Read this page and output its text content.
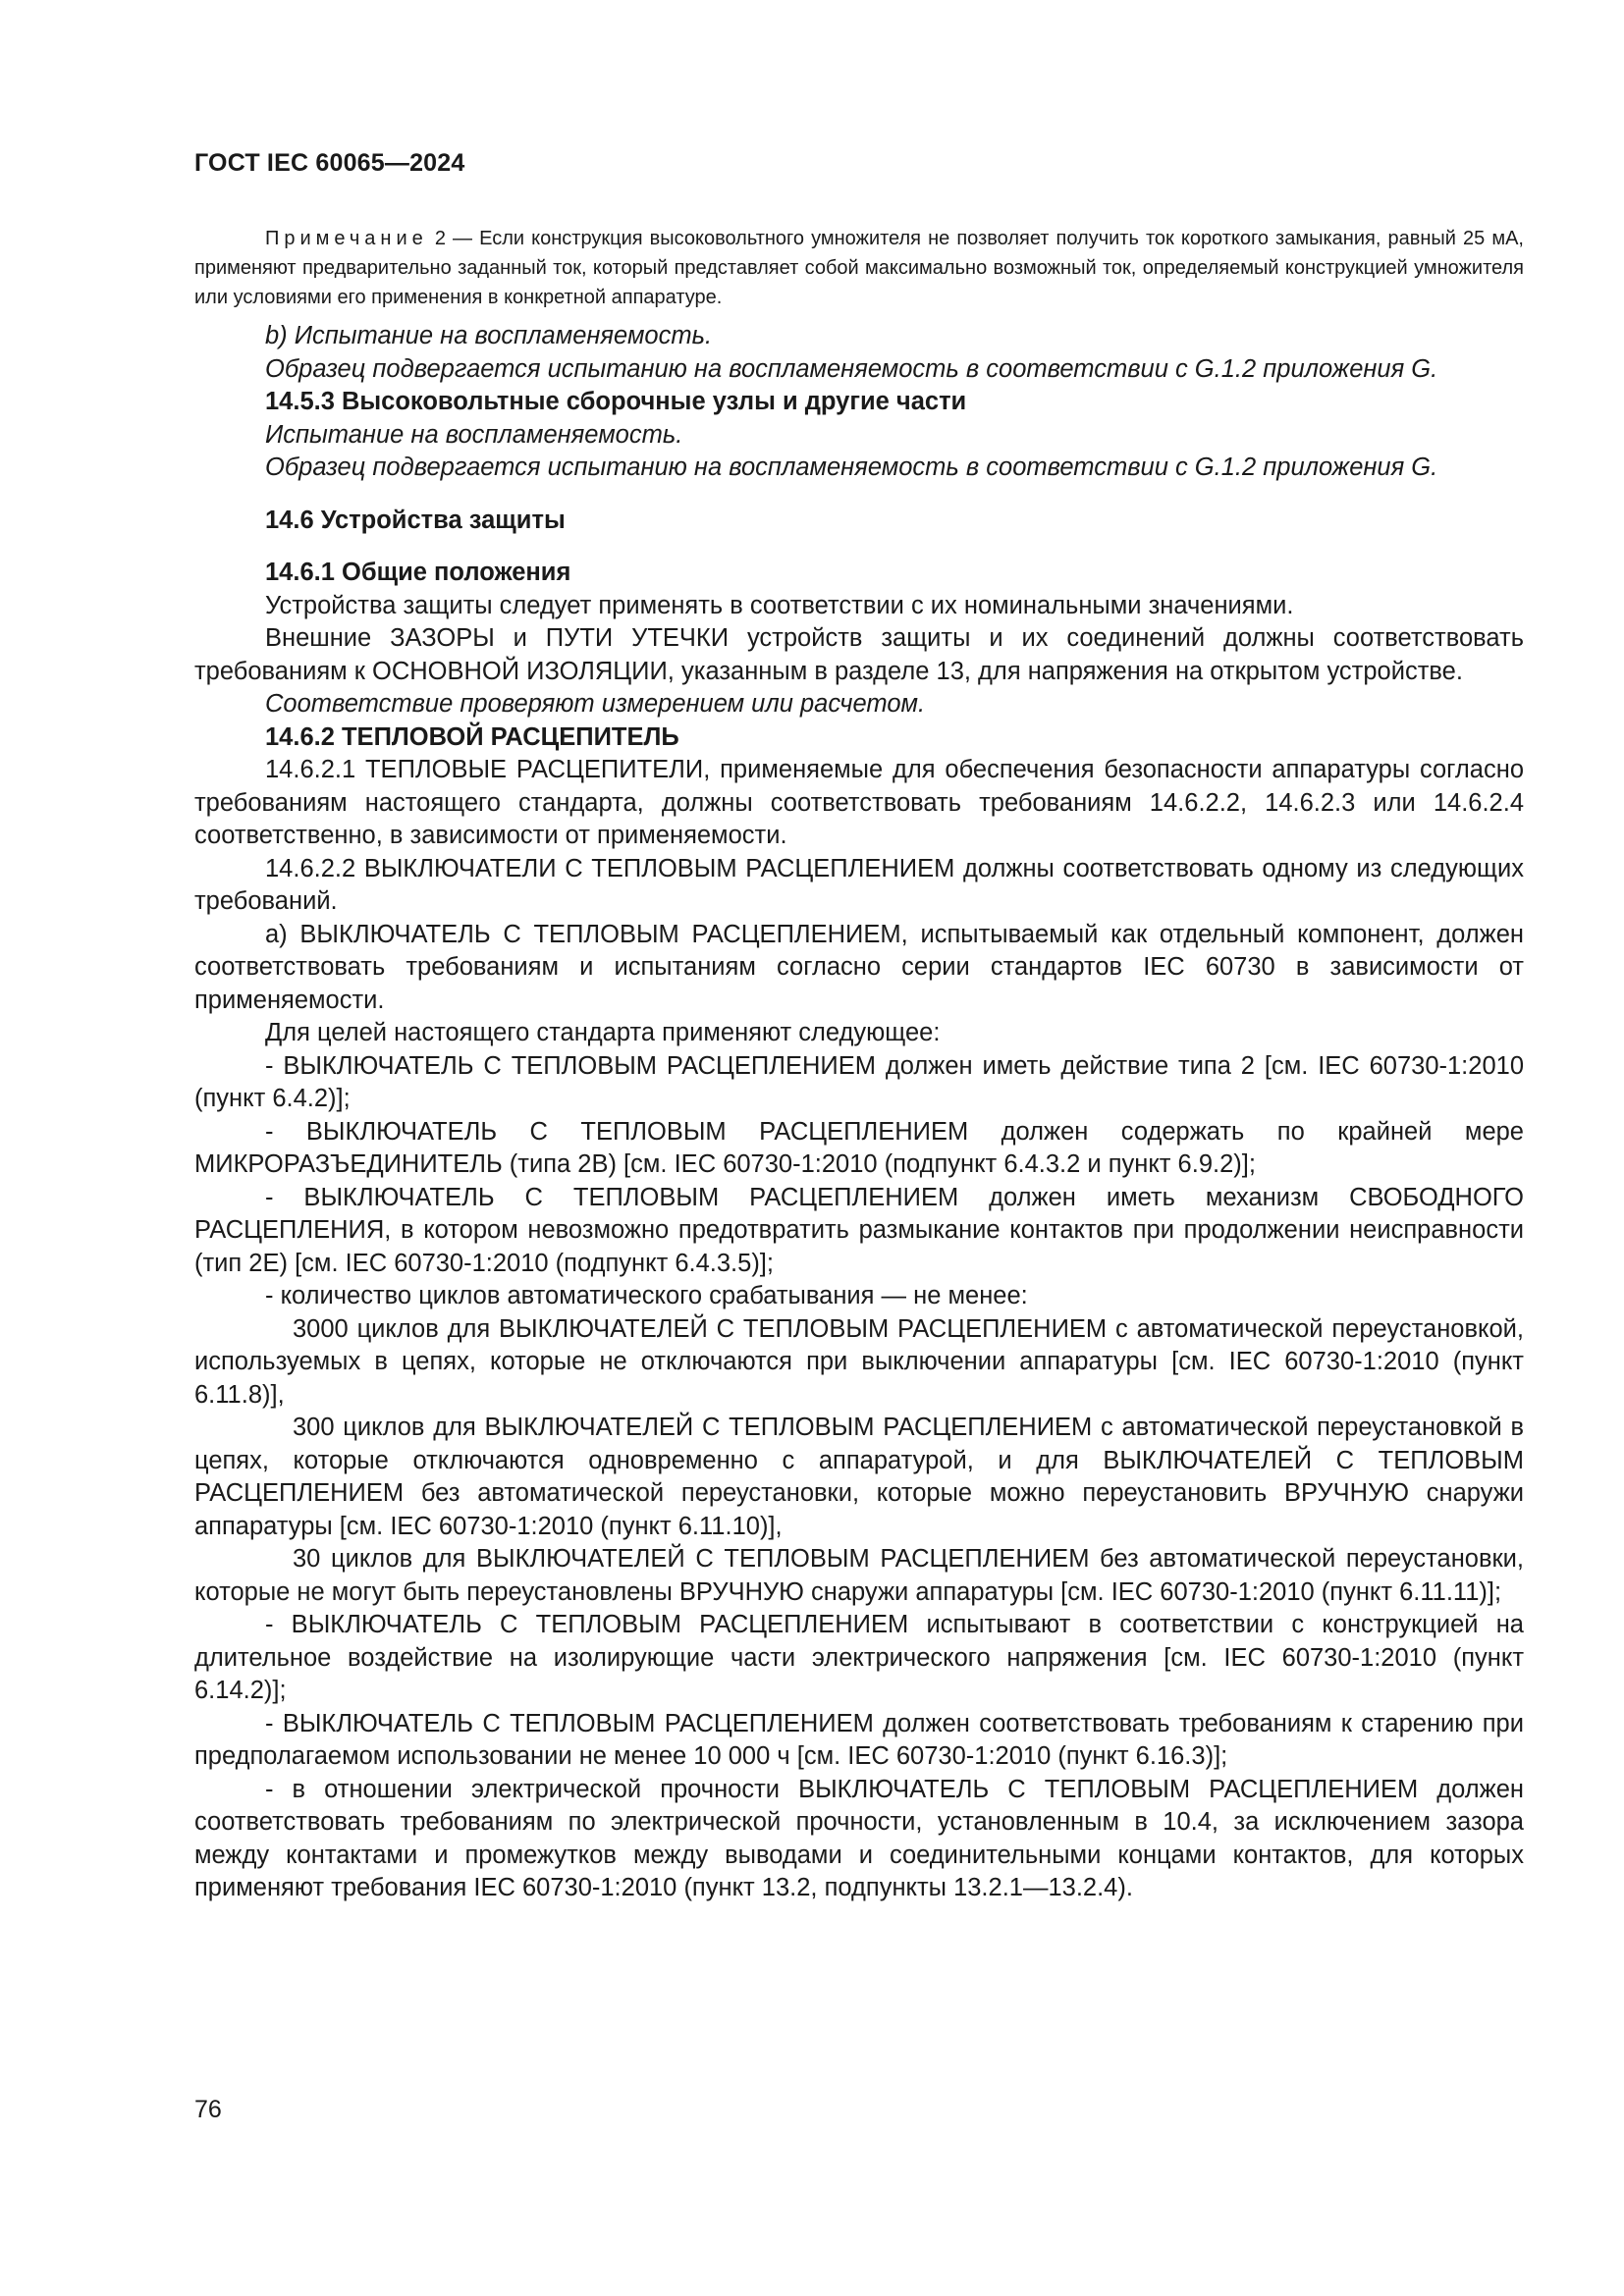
ГОСТ IEC 60065—2024

Примечание 2 — Если конструкция высоковольтного умножителя не позволяет получить ток короткого замыкания, равный 25 мА, применяют предварительно заданный ток, который представляет собой максимально возможный ток, определяемый конструкцией умножителя или условиями его применения в конкретной аппаратуре.

b) Испытание на воспламеняемость.

Образец подвергается испытанию на воспламеняемость в соответствии с G.1.2 приложения G.

14.5.3 Высоковольтные сборочные узлы и другие части

Испытание на воспламеняемость.

Образец подвергается испытанию на воспламеняемость в соответствии с G.1.2 приложения G.

14.6 Устройства защиты

14.6.1 Общие положения

Устройства защиты следует применять в соответствии с их номинальными значениями.

Внешние ЗАЗОРЫ и ПУТИ УТЕЧКИ устройств защиты и их соединений должны соответствовать требованиям к ОСНОВНОЙ ИЗОЛЯЦИИ, указанным в разделе 13, для напряжения на открытом устройстве.

Соответствие проверяют измерением или расчетом.

14.6.2 ТЕПЛОВОЙ РАСЦЕПИТЕЛЬ

14.6.2.1 ТЕПЛОВЫЕ РАСЦЕПИТЕЛИ, применяемые для обеспечения безопасности аппаратуры согласно требованиям настоящего стандарта, должны соответствовать требованиям 14.6.2.2, 14.6.2.3 или 14.6.2.4 соответственно, в зависимости от применяемости.

14.6.2.2 ВЫКЛЮЧАТЕЛИ С ТЕПЛОВЫМ РАСЦЕПЛЕНИЕМ должны соответствовать одному из следующих требований.

a) ВЫКЛЮЧАТЕЛЬ С ТЕПЛОВЫМ РАСЦЕПЛЕНИЕМ, испытываемый как отдельный компонент, должен соответствовать требованиям и испытаниям согласно серии стандартов IEC 60730 в зависимости от применяемости.

Для целей настоящего стандарта применяют следующее:

- ВЫКЛЮЧАТЕЛЬ С ТЕПЛОВЫМ РАСЦЕПЛЕНИЕМ должен иметь действие типа 2 [см. IEC 60730-1:2010 (пункт 6.4.2)];

- ВЫКЛЮЧАТЕЛЬ С ТЕПЛОВЫМ РАСЦЕПЛЕНИЕМ должен содержать по крайней мере МИКРОРАЗЪЕДИНИТЕЛЬ (типа 2B) [см. IEC 60730-1:2010 (подпункт 6.4.3.2 и пункт 6.9.2)];

- ВЫКЛЮЧАТЕЛЬ С ТЕПЛОВЫМ РАСЦЕПЛЕНИЕМ должен иметь механизм СВОБОДНОГО РАСЦЕПЛЕНИЯ, в котором невозможно предотвратить размыкание контактов при продолжении неисправности (тип 2E) [см. IEC 60730-1:2010 (подпункт 6.4.3.5)];

- количество циклов автоматического срабатывания — не менее:

3000 циклов для ВЫКЛЮЧАТЕЛЕЙ С ТЕПЛОВЫМ РАСЦЕПЛЕНИЕМ с автоматической переустановкой, используемых в цепях, которые не отключаются при выключении аппаратуры [см. IEC 60730-1:2010 (пункт 6.11.8)],

300 циклов для ВЫКЛЮЧАТЕЛЕЙ С ТЕПЛОВЫМ РАСЦЕПЛЕНИЕМ с автоматической переустановкой в цепях, которые отключаются одновременно с аппаратурой, и для ВЫКЛЮЧАТЕЛЕЙ С ТЕПЛОВЫМ РАСЦЕПЛЕНИЕМ без автоматической переустановки, которые можно переустановить ВРУЧНУЮ снаружи аппаратуры [см. IEC 60730-1:2010 (пункт 6.11.10)],

30 циклов для ВЫКЛЮЧАТЕЛЕЙ С ТЕПЛОВЫМ РАСЦЕПЛЕНИЕМ без автоматической переустановки, которые не могут быть переустановлены ВРУЧНУЮ снаружи аппаратуры [см. IEC 60730-1:2010 (пункт 6.11.11)];

- ВЫКЛЮЧАТЕЛЬ С ТЕПЛОВЫМ РАСЦЕПЛЕНИЕМ испытывают в соответствии с конструкцией на длительное воздействие на изолирующие части электрического напряжения [см. IEC 60730-1:2010 (пункт 6.14.2)];

- ВЫКЛЮЧАТЕЛЬ С ТЕПЛОВЫМ РАСЦЕПЛЕНИЕМ должен соответствовать требованиям к старению при предполагаемом использовании не менее 10 000 ч [см. IEC 60730-1:2010 (пункт 6.16.3)];

- в отношении электрической прочности ВЫКЛЮЧАТЕЛЬ С ТЕПЛОВЫМ РАСЦЕПЛЕНИЕМ должен соответствовать требованиям по электрической прочности, установленным в 10.4, за исключением зазора между контактами и промежутков между выводами и соединительными концами контактов, для которых применяют требования IEC 60730-1:2010 (пункт 13.2, подпункты 13.2.1—13.2.4).

76
